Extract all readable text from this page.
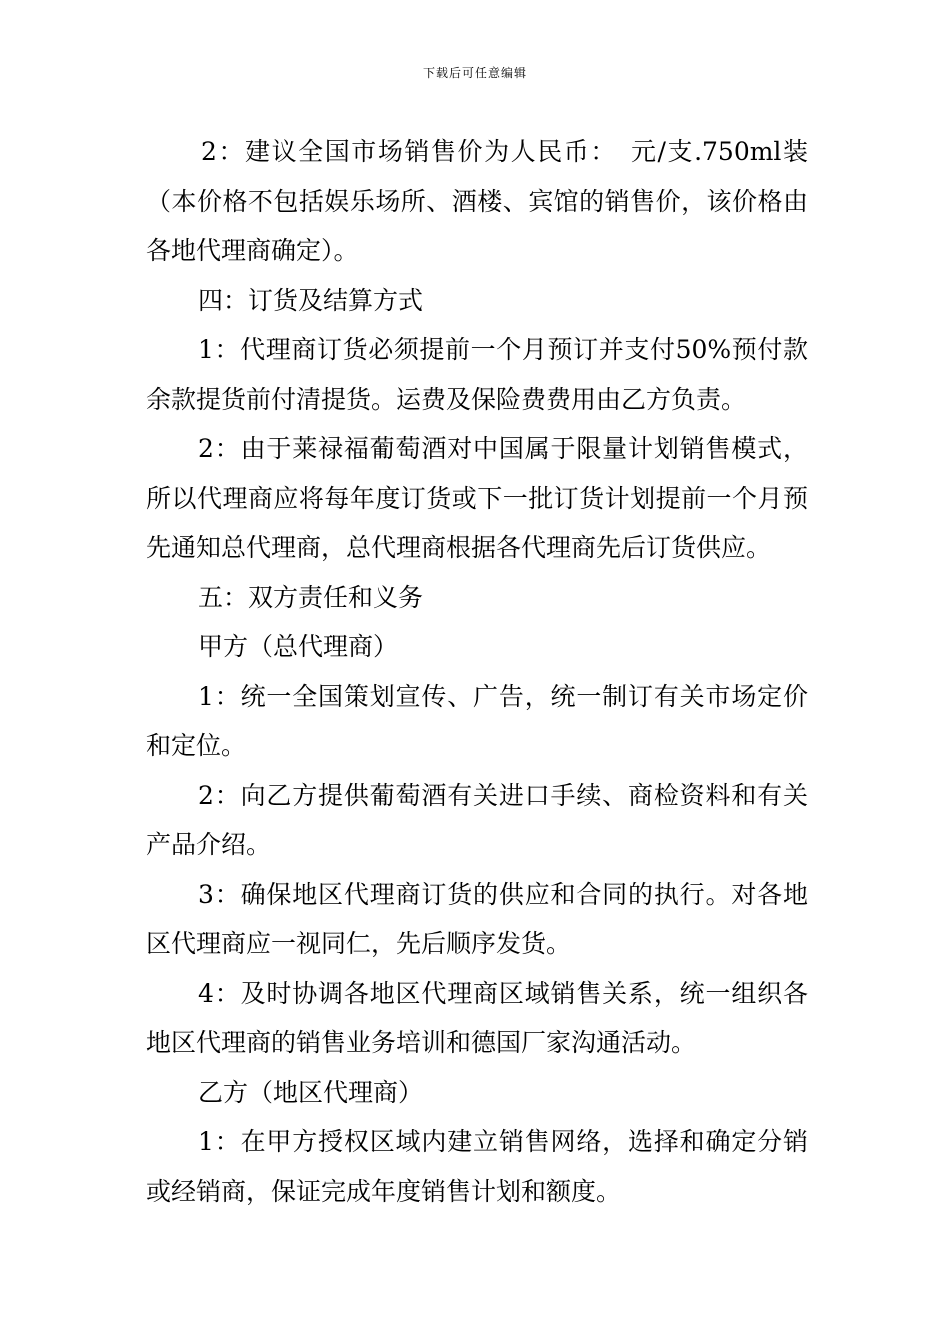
下载后可任意编辑

2：建议全国市场销售价为人民币：　元/支.750ml装（本价格不包括娱乐场所、酒楼、宾馆的销售价，该价格由各地代理商确定）。

四：订货及结算方式

1：代理商订货必须提前一个月预订并支付50%预付款余款提货前付清提货。运费及保险费费用由乙方负责。

2：由于莱禄福葡萄酒对中国属于限量计划销售模式，所以代理商应将每年度订货或下一批订货计划提前一个月预先通知总代理商，总代理商根据各代理商先后订货供应。

五：双方责任和义务

甲方（总代理商）

1：统一全国策划宣传、广告，统一制订有关市场定价和定位。

2：向乙方提供葡萄酒有关进口手续、商检资料和有关产品介绍。

3：确保地区代理商订货的供应和合同的执行。对各地区代理商应一视同仁，先后顺序发货。

4：及时协调各地区代理商区域销售关系，统一组织各地区代理商的销售业务培训和德国厂家沟通活动。

乙方（地区代理商）

1：在甲方授权区域内建立销售网络，选择和确定分销或经销商，保证完成年度销售计划和额度。
